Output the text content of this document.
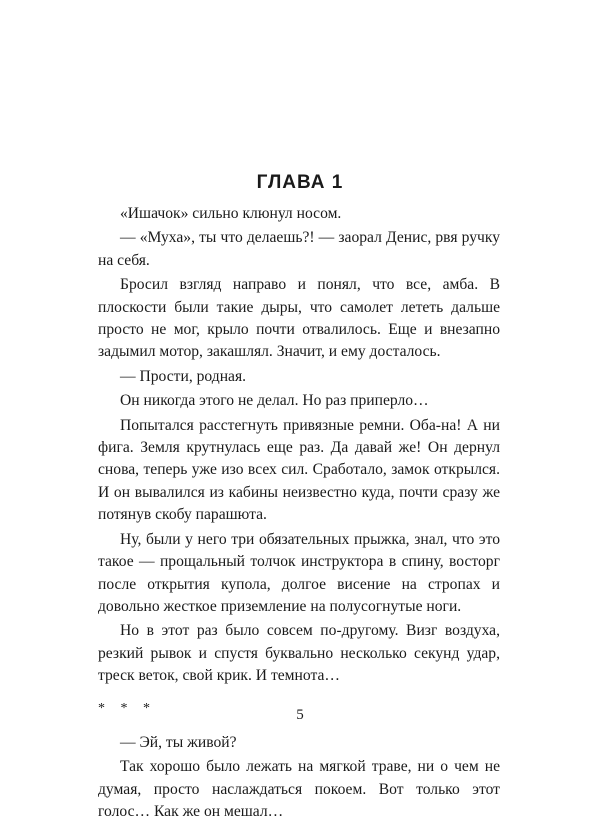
ГЛАВА 1

«Ишачок» сильно клюнул носом.

— «Муха», ты что делаешь?! — заорал Денис, рвя ручку на себя.

Бросил взгляд направо и понял, что все, амба. В плоскости были такие дыры, что самолет лететь дальше просто не мог, крыло почти отвалилось. Еще и внезапно задымил мотор, закашлял. Значит, и ему досталось.

— Прости, родная.

Он никогда этого не делал. Но раз приперло…

Попытался расстегнуть привязные ремни. Оба-на! А ни фига. Земля крутнулась еще раз. Да давай же! Он дернул снова, теперь уже изо всех сил. Сработало, замок открылся. И он вывалился из кабины неизвестно куда, почти сразу же потянув скобу парашюта.

Ну, были у него три обязательных прыжка, знал, что это такое — прощальный толчок инструктора в спину, восторг после открытия купола, долгое висение на стропах и довольно жесткое приземление на полусогнутые ноги.

Но в этот раз было совсем по-другому. Визг воздуха, резкий рывок и спустя буквально несколько секунд удар, треск веток, свой крик. И темнота…

* * *

— Эй, ты живой?

Так хорошо было лежать на мягкой траве, ни о чем не думая, просто наслаждаться покоем. Вот только этот голос… Как же он мешал…

5
